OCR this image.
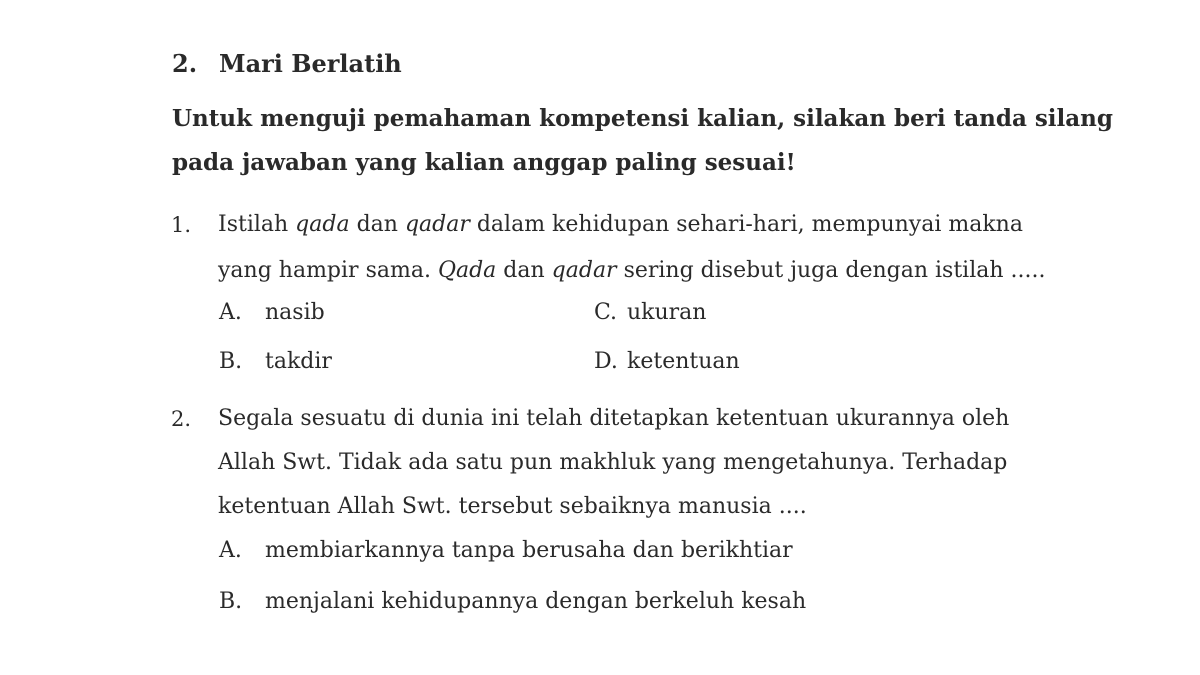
2. Mari Berlatih
Untuk menguji pemahaman kompetensi kalian, silakan beri tanda silang
pada jawaban yang kalian anggap paling sesuai!
1. Istilah qada dan qadar dalam kehidupan sehari-hari, mempunyai makna
yang hampir sama. Qada dan qadar sering disebut juga dengan istilah .....
A. nasib
B. takdir
C. ukuran
D. ketentuan
2. Segala sesuatu di dunia ini telah ditetapkan ketentuan ukurannya oleh
Allah Swt. Tidak ada satu pun makhluk yang mengetahunya. Terhadap
ketentuan Allah Swt. tersebut sebaiknya manusia ....
A. membiarkannya tanpa berusaha dan berikhtiar
B. menjalani kehidupannya dengan berkeluh kesah
